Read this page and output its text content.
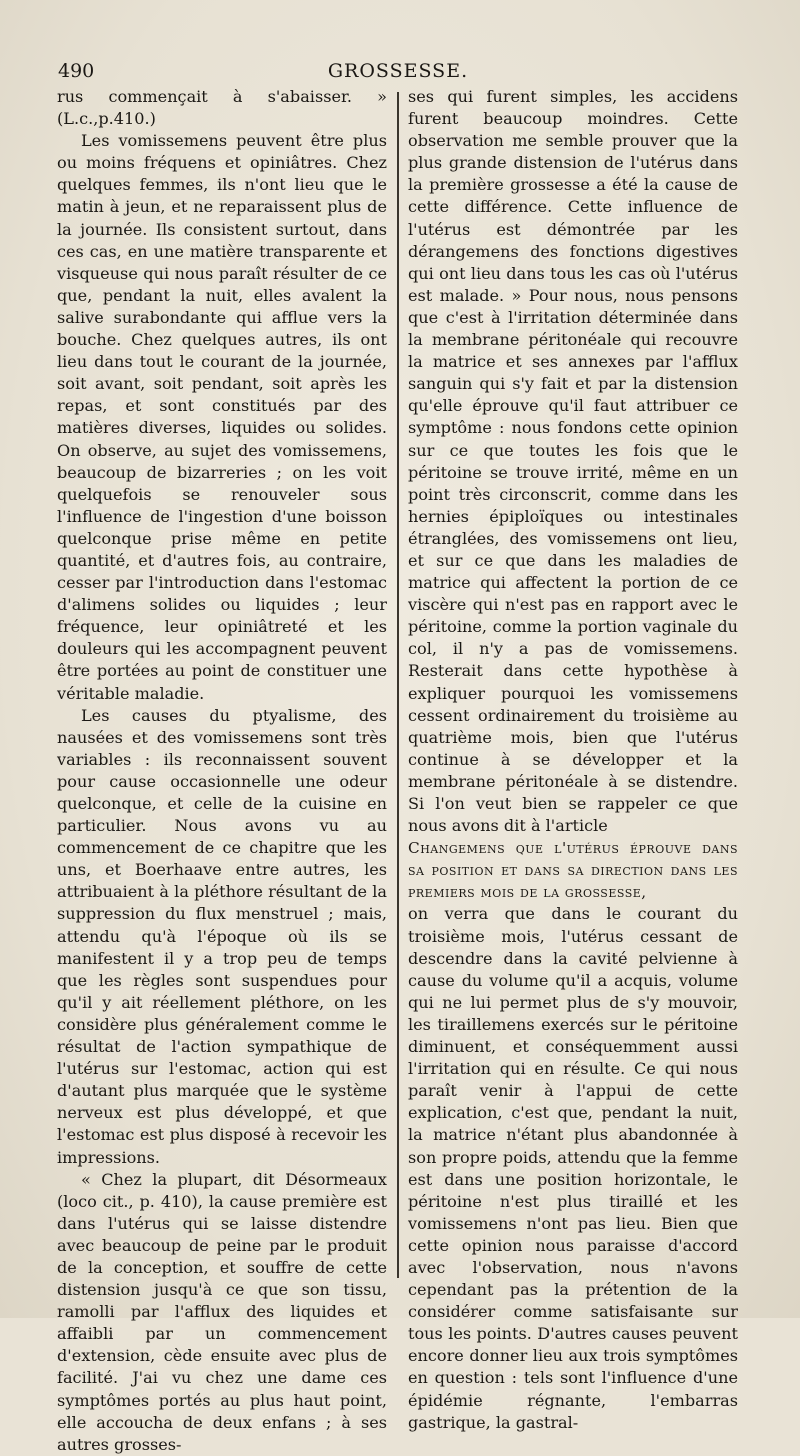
490	GROSSESSE.

rus commençait à s'abaisser. » (L.c.,p.410.)

Les vomissemens peuvent être plus ou moins fréquens et opiniâtres. Chez quelques femmes, ils n'ont lieu que le matin à jeun, et ne reparaissent plus de la journée. Ils consistent surtout, dans ces cas, en une matière transparente et visqueuse qui nous paraît résulter de ce que, pendant la nuit, elles avalent la salive surabondante qui afflue vers la bouche. Chez quelques autres, ils ont lieu dans tout le courant de la journée, soit avant, soit pendant, soit après les repas, et sont constitués par des matières diverses, liquides ou solides. On observe, au sujet des vomissemens, beaucoup de bizarreries ; on les voit quelquefois se renouveler sous l'influence de l'ingestion d'une boisson quelconque prise même en petite quantité, et d'autres fois, au contraire, cesser par l'introduction dans l'estomac d'alimens solides ou liquides ; leur fréquence, leur opiniâtreté et les douleurs qui les accompagnent peuvent être portées au point de constituer une véritable maladie.

Les causes du ptyalisme, des nausées et des vomissemens sont très variables : ils reconnaissent souvent pour cause occasionnelle une odeur quelconque, et celle de la cuisine en particulier. Nous avons vu au commencement de ce chapitre que les uns, et Boerhaave entre autres, les attribuaient à la pléthore résultant de la suppression du flux menstruel ; mais, attendu qu'à l'époque où ils se manifestent il y a trop peu de temps que les règles sont suspendues pour qu'il y ait réellement pléthore, on les considère plus généralement comme le résultat de l'action sympathique de l'utérus sur l'estomac, action qui est d'autant plus marquée que le système nerveux est plus développé, et que l'estomac est plus disposé à recevoir les impressions.

« Chez la plupart, dit Désormeaux (loco cit., p. 410), la cause première est dans l'utérus qui se laisse distendre avec beaucoup de peine par le produit de la conception, et souffre de cette distension jusqu'à ce que son tissu, ramolli par l'afflux des liquides et affaibli par un commencement d'extension, cède ensuite avec plus de facilité. J'ai vu chez une dame ces symptômes portés au plus haut point, elle accoucha de deux enfans ; à ses autres grosses-

ses qui furent simples, les accidens furent beaucoup moindres. Cette observation me semble prouver que la plus grande distension de l'utérus dans la première grossesse a été la cause de cette différence. Cette influence de l'utérus est démontrée par les dérangemens des fonctions digestives qui ont lieu dans tous les cas où l'utérus est malade. » Pour nous, nous pensons que c'est à l'irritation déterminée dans la membrane péritonéale qui recouvre la matrice et ses annexes par l'afflux sanguin qui s'y fait et par la distension qu'elle éprouve qu'il faut attribuer ce symptôme : nous fondons cette opinion sur ce que toutes les fois que le péritoine se trouve irrité, même en un point très circonscrit, comme dans les hernies épiploïques ou intestinales étranglées, des vomissemens ont lieu, et sur ce que dans les maladies de matrice qui affectent la portion de ce viscère qui n'est pas en rapport avec le péritoine, comme la portion vaginale du col, il n'y a pas de vomissemens. Resterait dans cette hypothèse à expliquer pourquoi les vomissemens cessent ordinairement du troisième au quatrième mois, bien que l'utérus continue à se développer et la membrane péritonéale à se distendre. Si l'on veut bien se rappeler ce que nous avons dit à l'article

Changemens que l'utérus éprouve dans sa position et dans sa direction dans les premiers mois de la grossesse,

on verra que dans le courant du troisième mois, l'utérus cessant de descendre dans la cavité pelvienne à cause du volume qu'il a acquis, volume qui ne lui permet plus de s'y mouvoir, les tiraillemens exercés sur le péritoine diminuent, et conséquemment aussi l'irritation qui en résulte. Ce qui nous paraît venir à l'appui de cette explication, c'est que, pendant la nuit, la matrice n'étant plus abandonnée à son propre poids, attendu que la femme est dans une position horizontale, le péritoine n'est plus tiraillé et les vomissemens n'ont pas lieu. Bien que cette opinion nous paraisse d'accord avec l'observation, nous n'avons cependant pas la prétention de la considérer comme satisfaisante sur tous les points. D'autres causes peuvent encore donner lieu aux trois symptômes en question : tels sont l'influence d'une épidémie régnante, l'embarras gastrique, la gastral-
